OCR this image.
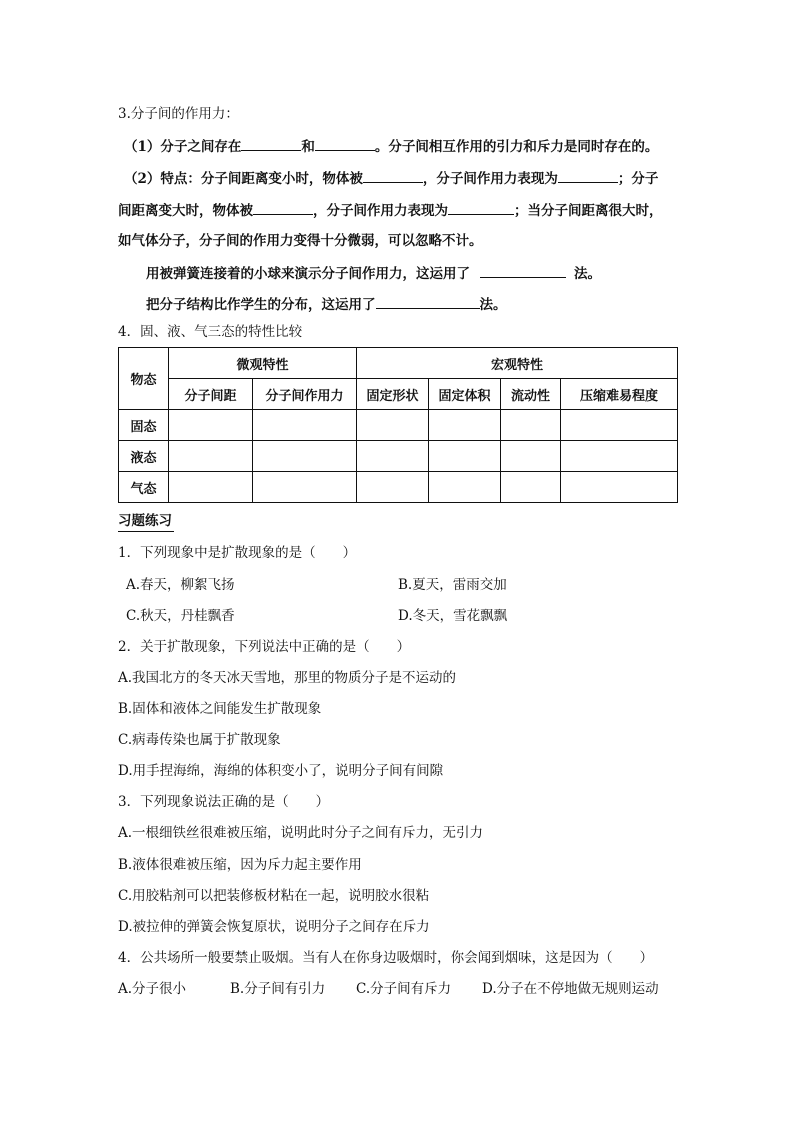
3.分子间的作用力：
（1）分子之间存在	和	。分子间相互作用的引力和斥力是同时存在的。
（2）特点：分子间距离变小时，物体被	，分子间作用力表现为	；分子
间距离变大时，物体被	，分子间作用力表现为	；当分子间距离很大时，
如气体分子，分子间的作用力变得十分微弱，可以忽略不计。
用被弹簧连接着的小球来演示分子间作用力，这运用了	法。
把分子结构比作学生的分布，这运用了	法。
4．固、液、气三态的特性比较
物态	微观特性		宏观特性			
	分子间距	分子间作用力	固定形状	固定体积	流动性	压缩难易程度
固态						
液态						
气态						
习题练习
1．下列现象中是扩散现象的是（　　）
A.春天，柳絮飞扬	B.夏天，雷雨交加
C.秋天，丹桂飘香	D.冬天，雪花飘飘
2．关于扩散现象，下列说法中正确的是（　　）
A.我国北方的冬天冰天雪地，那里的物质分子是不运动的
B.固体和液体之间能发生扩散现象
C.病毒传染也属于扩散现象
D.用手捏海绵，海绵的体积变小了，说明分子间有间隙
3．下列现象说法正确的是（　　）
A.一根细铁丝很难被压缩，说明此时分子之间有斥力，无引力
B.液体很难被压缩，因为斥力起主要作用
C.用胶粘剂可以把装修板材粘在一起，说明胶水很粘
D.被拉伸的弹簧会恢复原状，说明分子之间存在斥力
4．公共场所一般要禁止吸烟。当有人在你身边吸烟时，你会闻到烟味，这是因为（　　）
A.分子很小	B.分子间有引力 C.分子间有斥力 D.分子在不停地做无规则运动
